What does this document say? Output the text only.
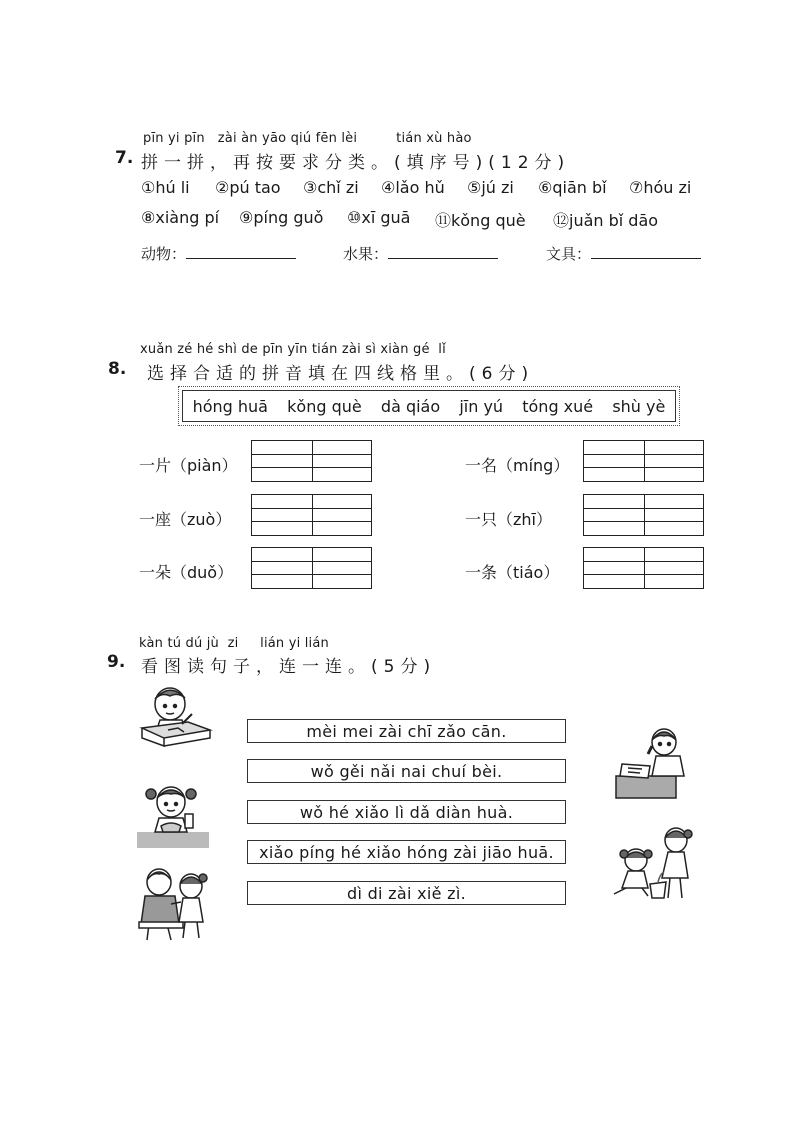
pīn yi pīn   zài àn yāo qiú fēn lèi         tián xù hào
7. 拼一拼，再按要求分类。(填序号)(12分)
①hú li ②pú tao ③chǐ zi ④lǎo hǔ ⑤jú zi ⑥qiān bǐ ⑦hóu zi
⑧xiàng pí ⑨píng guǒ ⑩xī guā ⑪kǒng què ⑫juǎn bǐ dāo
动物：	水果：	文具：
xuǎn zé hé shì de pīn yīn tián zài sì xiàn gé  lǐ
8. 选择合适的拼音填在四线格里。(6分)
hóng huā kǒng què dà qiáo jīn yú tóng xué shù yè
一片（piàn）	一名（míng）
一座（zuò）	一只（zhī）
一朵（duǒ）	一条（tiáo）
kàn tú dú jù  zi     lián yi lián
9. 看图读句子，连一连。(5分)
mèi mei zài chī zǎo cān.
wǒ gěi nǎi nai chuí bèi.
wǒ hé xiǎo lì dǎ diàn huà.
xiǎo píng hé xiǎo hóng zài jiāo huā.
dì di zài xiě zì.
